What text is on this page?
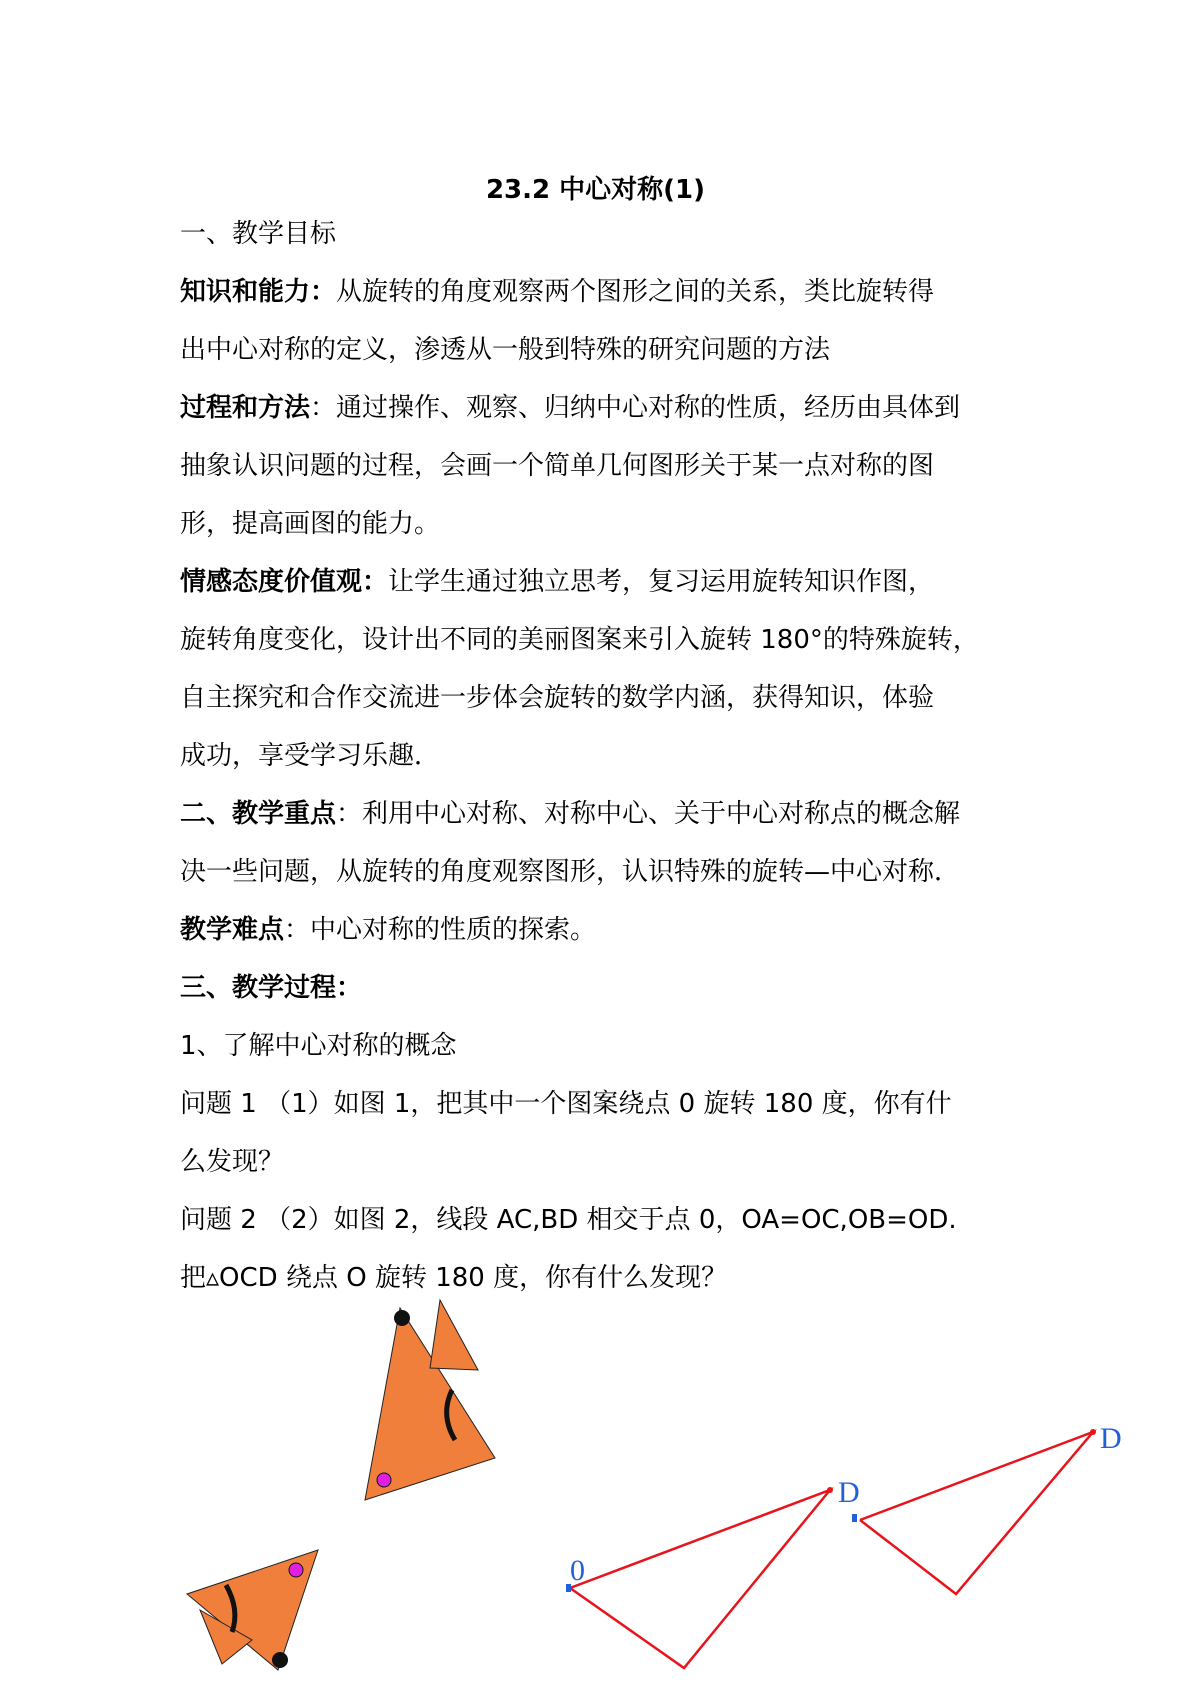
23.2 中心对称(1)
一、教学目标
知识和能力：从旋转的角度观察两个图形之间的关系，类比旋转得
出中心对称的定义，渗透从一般到特殊的研究问题的方法
过程和方法：通过操作、观察、归纳中心对称的性质，经历由具体到
抽象认识问题的过程，会画一个简单几何图形关于某一点对称的图
形，提高画图的能力。
情感态度价值观：让学生通过独立思考，复习运用旋转知识作图，
旋转角度变化，设计出不同的美丽图案来引入旋转 180°的特殊旋转，
自主探究和合作交流进一步体会旋转的数学内涵，获得知识，体验
成功，享受学习乐趣．
二、教学重点：利用中心对称、对称中心、关于中心对称点的概念解
决一些问题，从旋转的角度观察图形，认识特殊的旋转—中心对称．
教学难点：中心对称的性质的探索。
三、教学过程：
1、了解中心对称的概念
问题 1 （1）如图 1，把其中一个图案绕点 0 旋转 180 度，你有什
么发现？
问题 2 （2）如图 2，线段 AC,BD 相交于点 0，OA=OC,OB=OD.
把▵OCD 绕点 O 旋转 180 度，你有什么发现？
0
D
D
